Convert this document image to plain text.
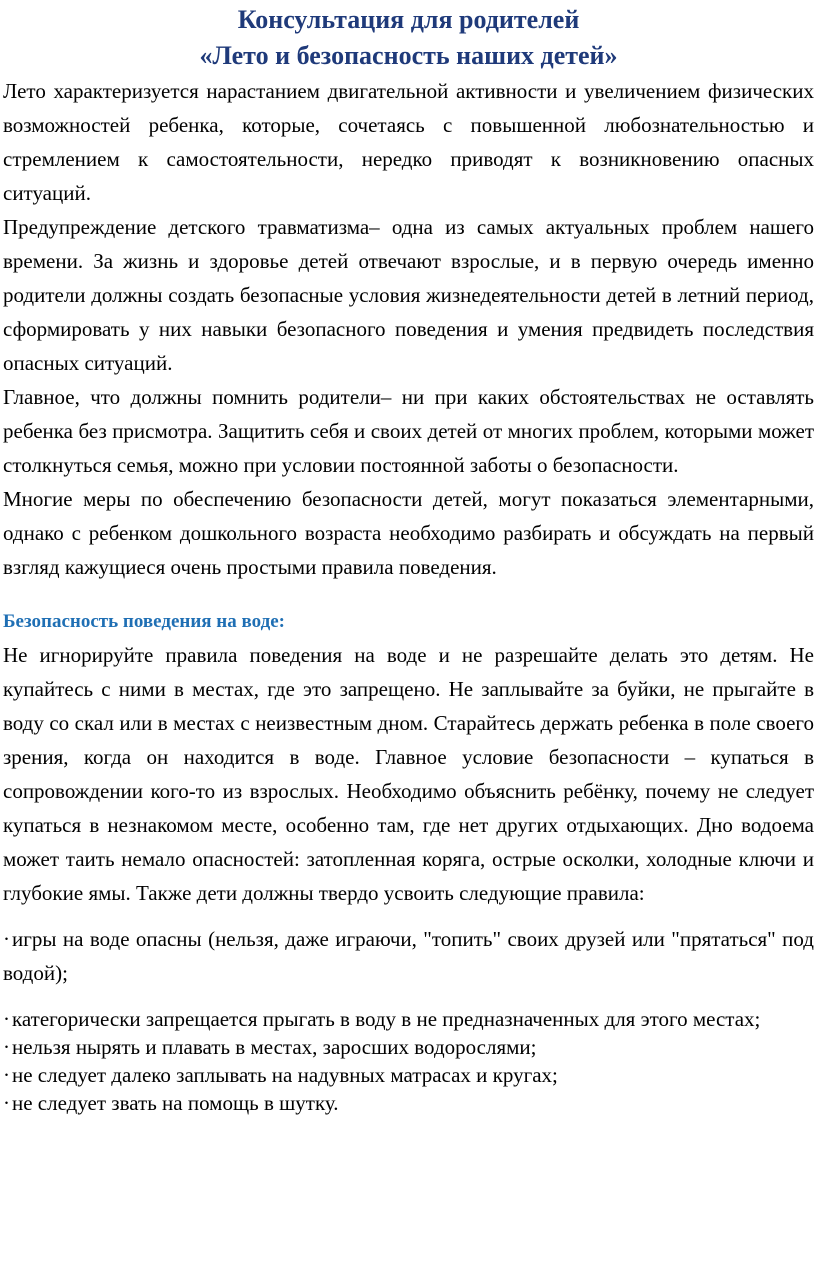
Консультация для родителей
«Лето и безопасность наших детей»

Лето характеризуется нарастанием двигательной активности и увеличением физических возможностей ребенка, которые, сочетаясь с повышенной любознательностью и стремлением к самостоятельности, нередко приводят к возникновению опасных ситуаций.

Предупреждение детского травматизма– одна из самых актуальных проблем нашего времени. За жизнь и здоровье детей отвечают взрослые, и в первую очередь именно родители должны создать безопасные условия жизнедеятельности детей в летний период, сформировать у них навыки безопасного поведения и умения предвидеть последствия опасных ситуаций.

Главное, что должны помнить родители– ни при каких обстоятельствах не оставлять ребенка без присмотра. Защитить себя и своих детей от многих проблем, которыми может столкнуться семья, можно при условии постоянной заботы о безопасности.

Многие меры по обеспечению безопасности детей, могут показаться элементарными, однако с ребенком дошкольного возраста необходимо разбирать и обсуждать на первый взгляд кажущиеся очень простыми правила поведения.

Безопасность поведения на воде:

Не игнорируйте правила поведения на воде и не разрешайте делать это детям. Не купайтесь с ними в местах, где это запрещено. Не заплывайте за буйки, не прыгайте в воду со скал или в местах с неизвестным дном. Старайтесь держать ребенка в поле своего зрения, когда он находится в воде. Главное условие безопасности – купаться в сопровождении кого-то из взрослых. Необходимо объяснить ребёнку, почему не следует купаться в незнакомом месте, особенно там, где нет других отдыхающих. Дно водоема может таить немало опасностей: затопленная коряга, острые осколки, холодные ключи и глубокие ямы. Также дети должны твердо усвоить следующие правила:

·игры на воде опасны (нельзя, даже играючи, "топить" своих друзей или "прятаться" под водой);
·категорически запрещается прыгать в воду в не предназначенных для этого местах;
·нельзя нырять и плавать в местах, заросших водорослями;
·не следует далеко заплывать на надувных матрасах и кругах;
·не следует звать на помощь в шутку.
